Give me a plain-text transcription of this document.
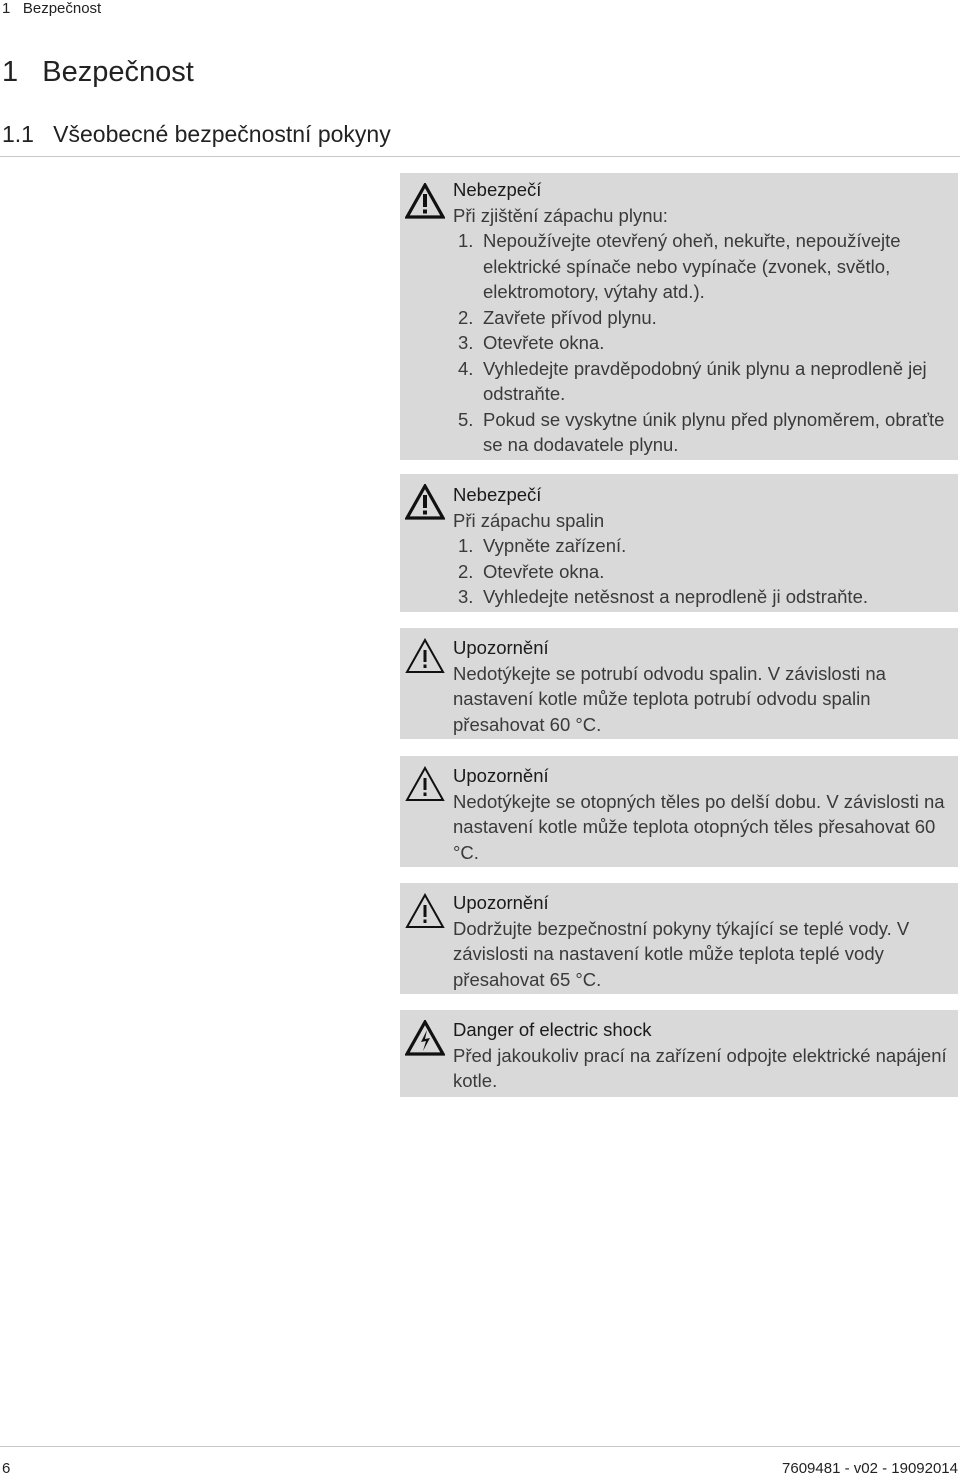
1   Bezpečnost
1   Bezpečnost
1.1   Všeobecné bezpečnostní pokyny
Nebezpečí
Při zjištění zápachu plynu:
1. Nepoužívejte otevřený oheň, nekuřte, nepoužívejte elektrické spínače nebo vypínače (zvonek, světlo, elektromotory, výtahy atd.).
2. Zavřete přívod plynu.
3. Otevřete okna.
4. Vyhledejte pravděpodobný únik plynu a neprodleně jej odstraňte.
5. Pokud se vyskytne únik plynu před plynoměrem, obraťte se na dodavatele plynu.
Nebezpečí
Při zápachu spalin
1. Vypněte zařízení.
2. Otevřete okna.
3. Vyhledejte netěsnost a neprodleně ji odstraňte.
Upozornění
Nedotýkejte se potrubí odvodu spalin. V závislosti na nastavení kotle může teplota potrubí odvodu spalin přesahovat 60 °C.
Upozornění
Nedotýkejte se otopných těles po delší dobu. V závislosti na nastavení kotle může teplota otopných těles přesahovat 60 °C.
Upozornění
Dodržujte bezpečnostní pokyny týkající se teplé vody. V závislosti na nastavení kotle může teplota teplé vody přesahovat 65 °C.
Danger of electric shock
Před jakoukoliv prací na zařízení odpojte elektrické napájení kotle.
6	7609481 - v02 - 19092014
